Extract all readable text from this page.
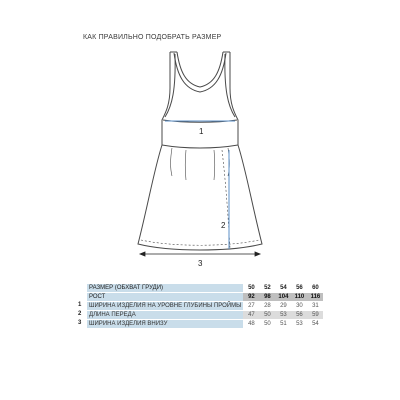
КАК ПРАВИЛЬНО ПОДОБРАТЬ РАЗМЕР
1
2
3
РАЗМЕР (ОБХВАТ ГРУДИ)	50	52	54	56	60

РОСТ	92	98	104	110	116

ШИРИНА ИЗДЕЛИЯ НА УРОВНЕ ГЛУБИНЫ ПРОЙМЫ	27	28	29	30	31

ДЛИНА ПЕРЕДА	47	50	53	56	59

ШИРИНА ИЗДЕЛИЯ ВНИЗУ	48	50	51	53	54
1
2
3
